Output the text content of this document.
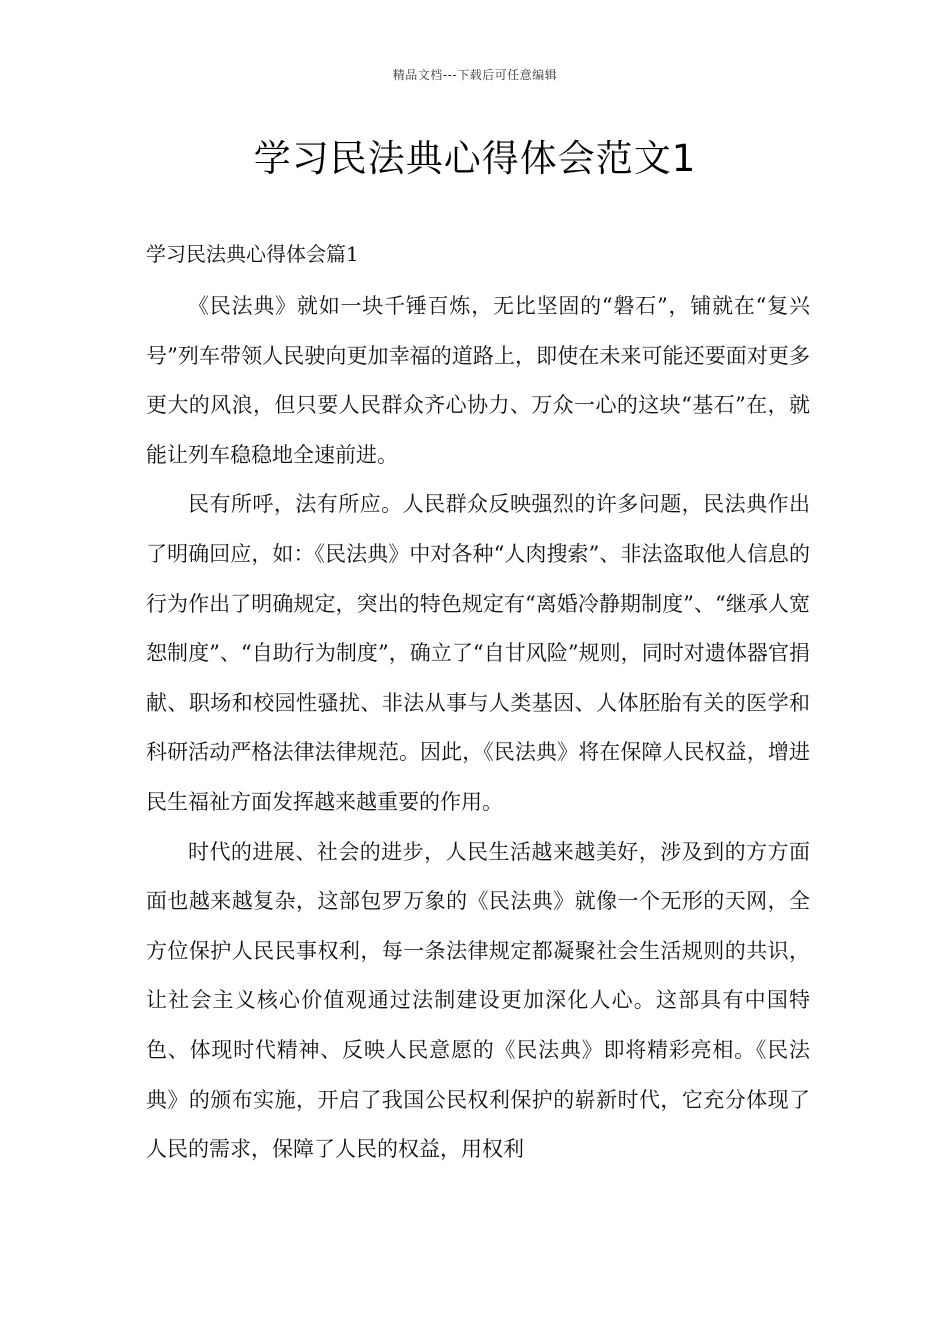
精品文档---下载后可任意编辑
学习民法典心得体会范文1
学习民法典心得体会篇1

《民法典》就如一块千锤百炼，无比坚固的“磐石”，铺就在“复兴号”列车带领人民驶向更加幸福的道路上，即使在未来可能还要面对更多更大的风浪，但只要人民群众齐心协力、万众一心的这块“基石”在，就能让列车稳稳地全速前进。

民有所呼，法有所应。人民群众反映强烈的许多问题，民法典作出了明确回应，如：《民法典》中对各种“人肉搜索”、非法盗取他人信息的行为作出了明确规定，突出的特色规定有“离婚冷静期制度”、“继承人宽恕制度”、“自助行为制度”，确立了“自甘风险”规则，同时对遗体器官捐献、职场和校园性骚扰、非法从事与人类基因、人体胚胎有关的医学和科研活动严格法律法律规范。因此，《民法典》将在保障人民权益，增进民生福祉方面发挥越来越重要的作用。

时代的进展、社会的进步，人民生活越来越美好，涉及到的方方面面也越来越复杂，这部包罗万象的《民法典》就像一个无形的天网，全方位保护人民民事权利，每一条法律规定都凝聚社会生活规则的共识，让社会主义核心价值观通过法制建设更加深化人心。这部具有中国特色、体现时代精神、反映人民意愿的《民法典》即将精彩亮相。《民法典》的颁布实施，开启了我国公民权利保护的崭新时代，它充分体现了人民的需求，保障了人民的权益，用权利
